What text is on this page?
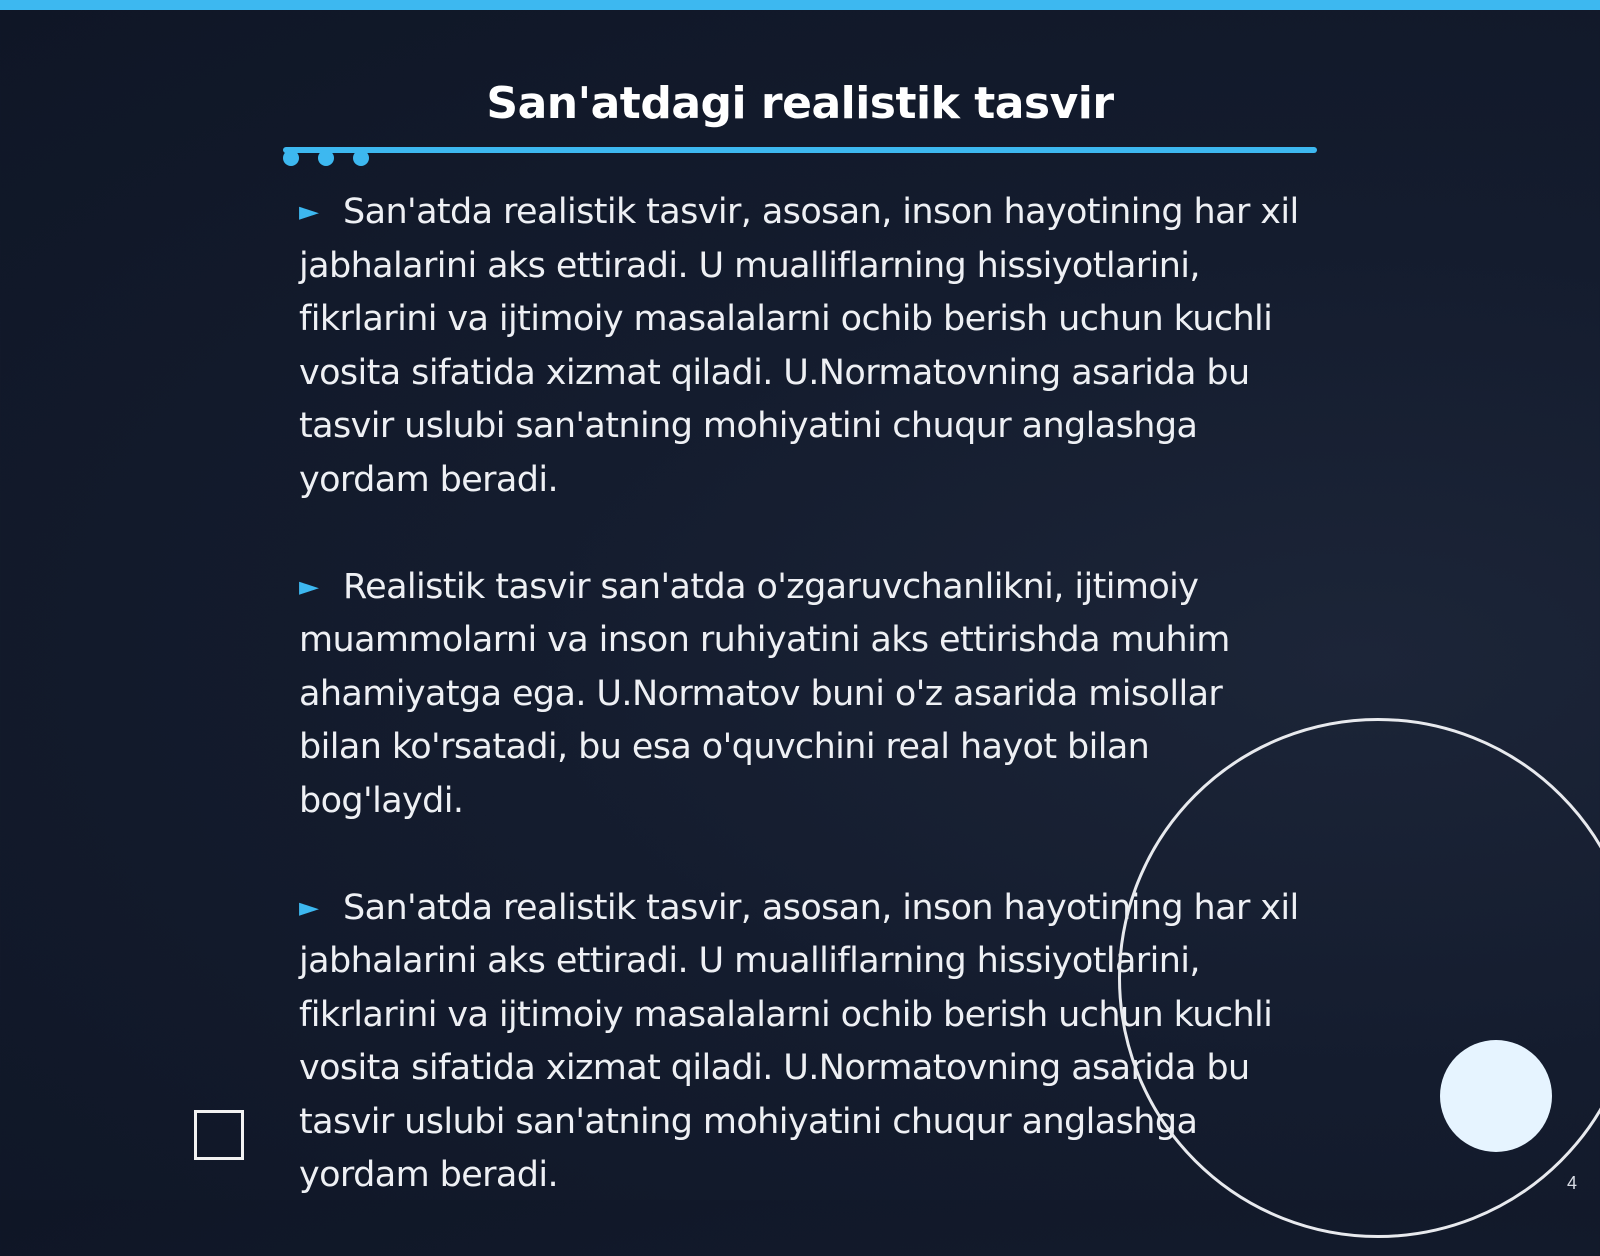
San'atdagi realistik tasvir

► San'atda realistik tasvir, asosan, inson hayotining har xil jabhalarini aks ettiradi. U mualliflarning hissiyotlarini, fikrlarini va ijtimoiy masalalarni ochib berish uchun kuchli vosita sifatida xizmat qiladi. U.Normatovning asarida bu tasvir uslubi san'atning mohiyatini chuqur anglashga yordam beradi.

► Realistik tasvir san'atda o'zgaruvchanlikni, ijtimoiy muammolarni va inson ruhiyatini aks ettirishda muhim ahamiyatga ega. U.Normatov buni o'z asarida misollar bilan ko'rsatadi, bu esa o'quvchini real hayot bilan bog'laydi.

► San'atda realistik tasvir, asosan, inson hayotining har xil jabhalarini aks ettiradi. U mualliflarning hissiyotlarini, fikrlarini va ijtimoiy masalalarni ochib berish uchun kuchli vosita sifatida xizmat qiladi. U.Normatovning asarida bu tasvir uslubi san'atning mohiyatini chuqur anglashga yordam beradi.	4
